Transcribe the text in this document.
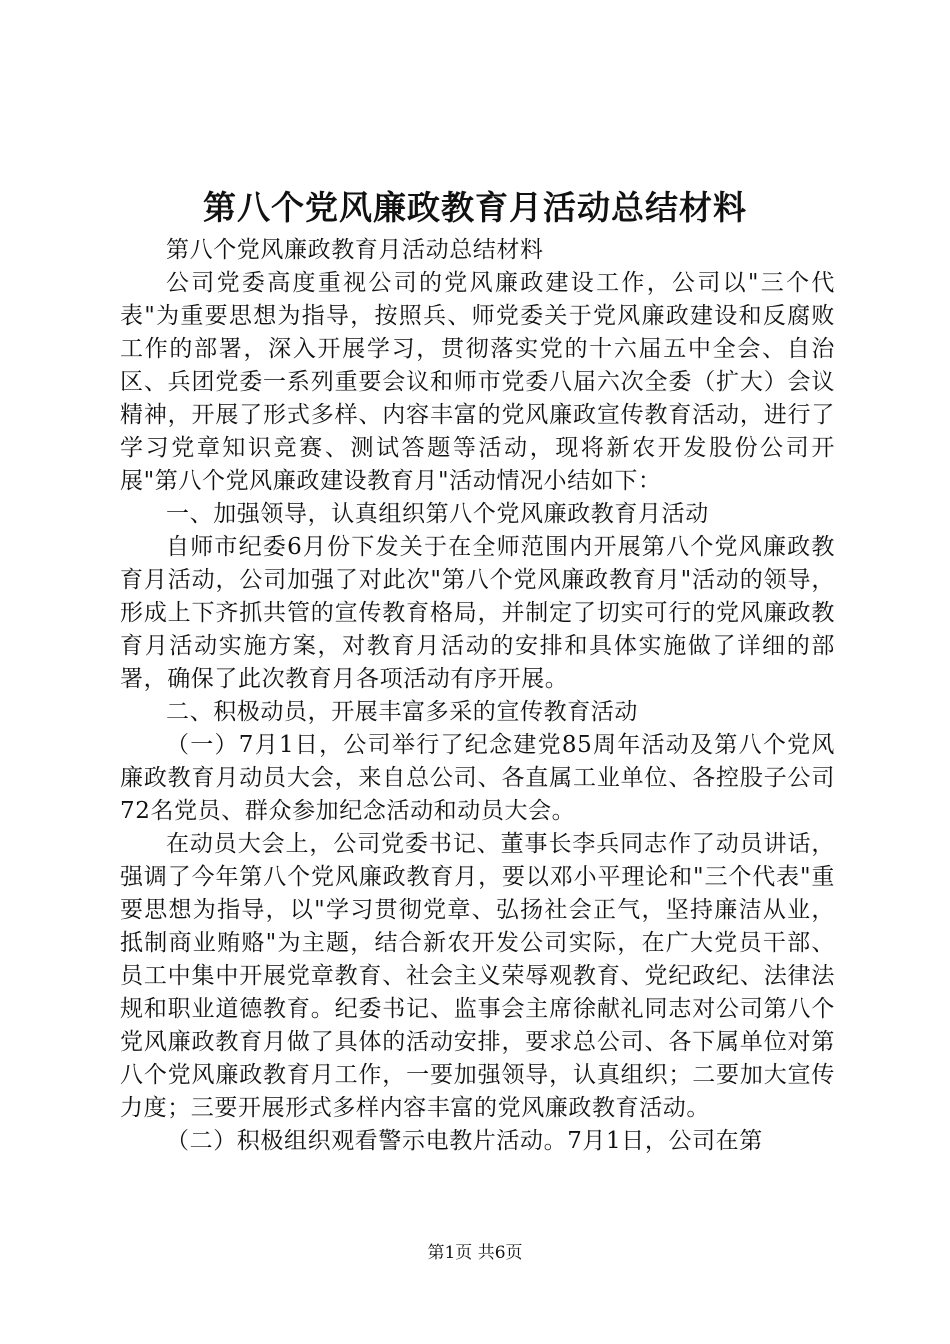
第八个党风廉政教育月活动总结材料

第八个党风廉政教育月活动总结材料

公司党委高度重视公司的党风廉政建设工作，公司以"三个代表"为重要思想为指导，按照兵、师党委关于党风廉政建设和反腐败工作的部署，深入开展学习，贯彻落实党的十六届五中全会、自治区、兵团党委一系列重要会议和师市党委八届六次全委（扩大）会议精神，开展了形式多样、内容丰富的党风廉政宣传教育活动，进行了学习党章知识竞赛、测试答题等活动，现将新农开发股份公司开展"第八个党风廉政建设教育月"活动情况小结如下：

一、加强领导，认真组织第八个党风廉政教育月活动

自师市纪委6月份下发关于在全师范围内开展第八个党风廉政教育月活动，公司加强了对此次"第八个党风廉政教育月"活动的领导，形成上下齐抓共管的宣传教育格局，并制定了切实可行的党风廉政教育月活动实施方案，对教育月活动的安排和具体实施做了详细的部署，确保了此次教育月各项活动有序开展。

二、积极动员，开展丰富多采的宣传教育活动

（一）7月1日，公司举行了纪念建党85周年活动及第八个党风廉政教育月动员大会，来自总公司、各直属工业单位、各控股子公司72名党员、群众参加纪念活动和动员大会。

在动员大会上，公司党委书记、董事长李兵同志作了动员讲话，强调了今年第八个党风廉政教育月，要以邓小平理论和"三个代表"重要思想为指导，以"学习贯彻党章、弘扬社会正气，坚持廉洁从业，抵制商业贿赂"为主题，结合新农开发公司实际，在广大党员干部、员工中集中开展党章教育、社会主义荣辱观教育、党纪政纪、法律法规和职业道德教育。纪委书记、监事会主席徐献礼同志对公司第八个党风廉政教育月做了具体的活动安排，要求总公司、各下属单位对第八个党风廉政教育月工作，一要加强领导，认真组织；二要加大宣传力度；三要开展形式多样内容丰富的党风廉政教育活动。

（二）积极组织观看警示电教片活动。7月1日，公司在第

第1页 共6页
